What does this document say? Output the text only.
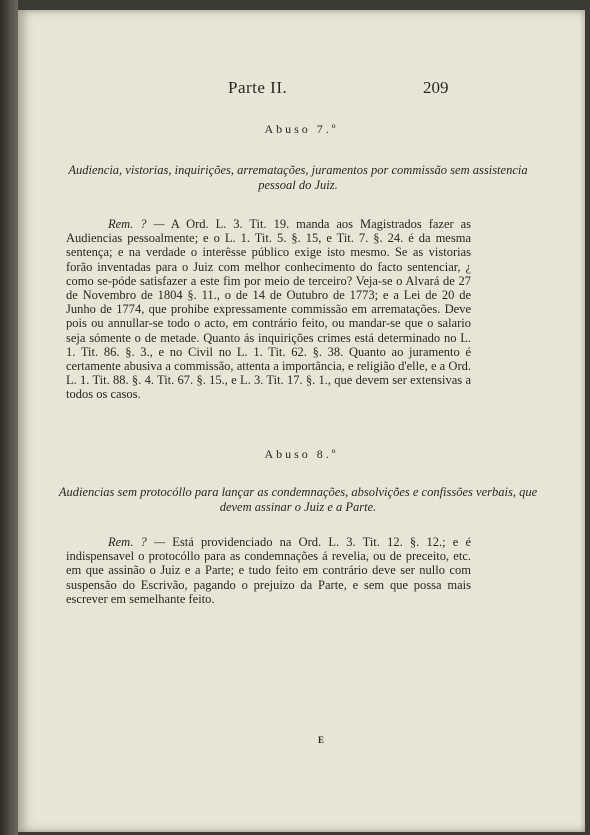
Parte II.	209
Abuso 7.º
Audiencia, vistorias, inquirições, arrematações, juramentos por commissão sem assistencia pessoal do Juiz.
Rem. ? — A Ord. L. 3. Tit. 19. manda aos Magistrados fazer as Audiencias pessoalmente; e o L. 1. Tit. 5. §. 15, e Tit. 7. §. 24. é da mesma sentença; e na verdade o interêsse público exige isto mesmo. Se as vistorias forão inventadas para o Juiz com melhor conhecimento do facto sentenciar, ¿ como se-póde satisfazer a este fim por meio de terceiro? Veja-se o Alvará de 27 de Novembro de 1804 §. 11., o de 14 de Outubro de 1773; e a Lei de 20 de Junho de 1774, que prohibe expressamente commissão em arrematações. Deve pois ou annullar-se todo o acto, em contrário feito, ou mandar-se que o salario seja sómente o de metade. Quanto ás inquirições crimes está determinado no L. 1. Tit. 86. §. 3., e no Civil no L. 1. Tit. 62. §. 38. Quanto ao juramento é certamente abusiva a commissão, attenta a importância, e religião d'elle, e a Ord. L. 1. Tit. 88. §. 4. Tit. 67. §. 15., e L. 3. Tit. 17. §. 1., que devem ser extensivas a todos os casos.
Abuso 8.º
Audiencias sem protocóllo para lançar as condemnações, absolvições e confissões verbais, que devem assinar o Juiz e a Parte.
Rem. ? — Está providenciado na Ord. L. 3. Tit. 12. §. 12.; e é indispensavel o protocóllo para as condemnações á revelia, ou de preceito, etc. em que assinão o Juiz e a Parte; e tudo feito em contrário deve ser nullo com suspensão do Escrivão, pagando o prejuizo da Parte, e sem que possa mais escrever em semelhante feito.
E
